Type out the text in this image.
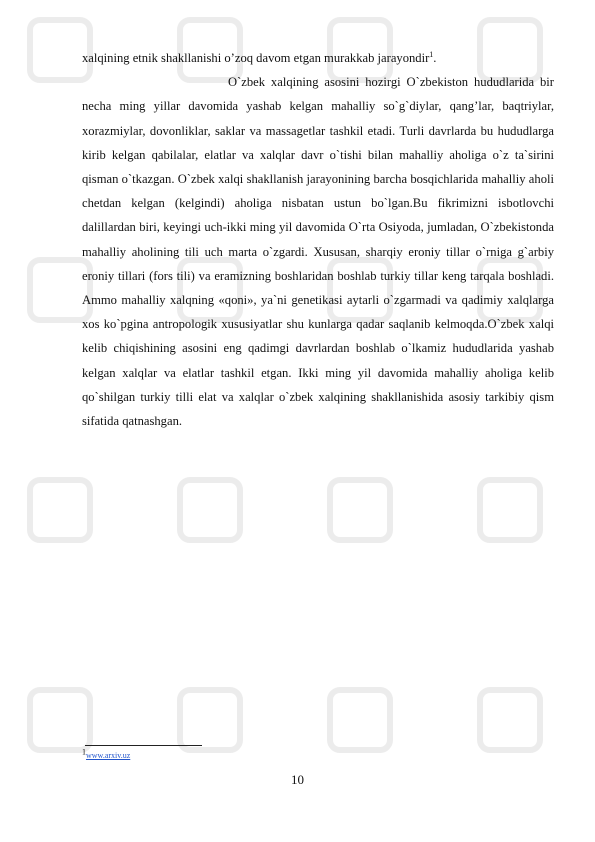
xalqining etnik shakllanishi o’zoq davom etgan murakkab jarayondir$^1$.

O`zbek xalqining asosini hozirgi O`zbekiston hududlarida bir necha ming yillar davomida yashab kelgan mahalliy so`g`diylar, qang’lar, baqtriylar, xorazmiylar, dovonliklar, saklar va massagetlar tashkil etadi. Turli davrlarda bu hududlarga kirib kelgan qabilalar, elatlar va xalqlar davr o`tishi bilan mahalliy aholiga o`z ta`sirini qisman o`tkazgan. O`zbek xalqi shakllanish jarayonining barcha bosqichlarida mahalliy aholi chetdan kelgan (kelgindi) aholiga nisbatan ustun bo`lgan.Bu fikrimizni isbotlovchi dalillardan biri, keyingi uch-ikki ming yil davomida O`rta Osiyoda, jumladan, O`zbekistonda mahalliy aholining tili uch marta o`zgardi. Xususan, sharqiy eroniy tillar o`rniga g`arbiy eroniy tillari (fors tili) va eramizning boshlaridan boshlab turkiy tillar keng tarqala boshladi. Ammo mahalliy xalqning «qoni», ya`ni genetikasi aytarli o`zgarmadi va qadimiy xalqlarga xos ko`pgina antropologik xususiyatlar shu kunlarga qadar saqlanib kelmoqda.O`zbek xalqi kelib chiqishining asosini eng qadimgi davrlardan boshlab o`lkamiz hududlarida yashab kelgan xalqlar va elatlar tashkil etgan. Ikki ming yil davomida mahalliy aholiga kelib qo`shilgan turkiy tilli elat va xalqlar o`zbek xalqining shakllanishida asosiy tarkibiy qism sifatida qatnashgan.

$^1$www.arxiv.uz
10
